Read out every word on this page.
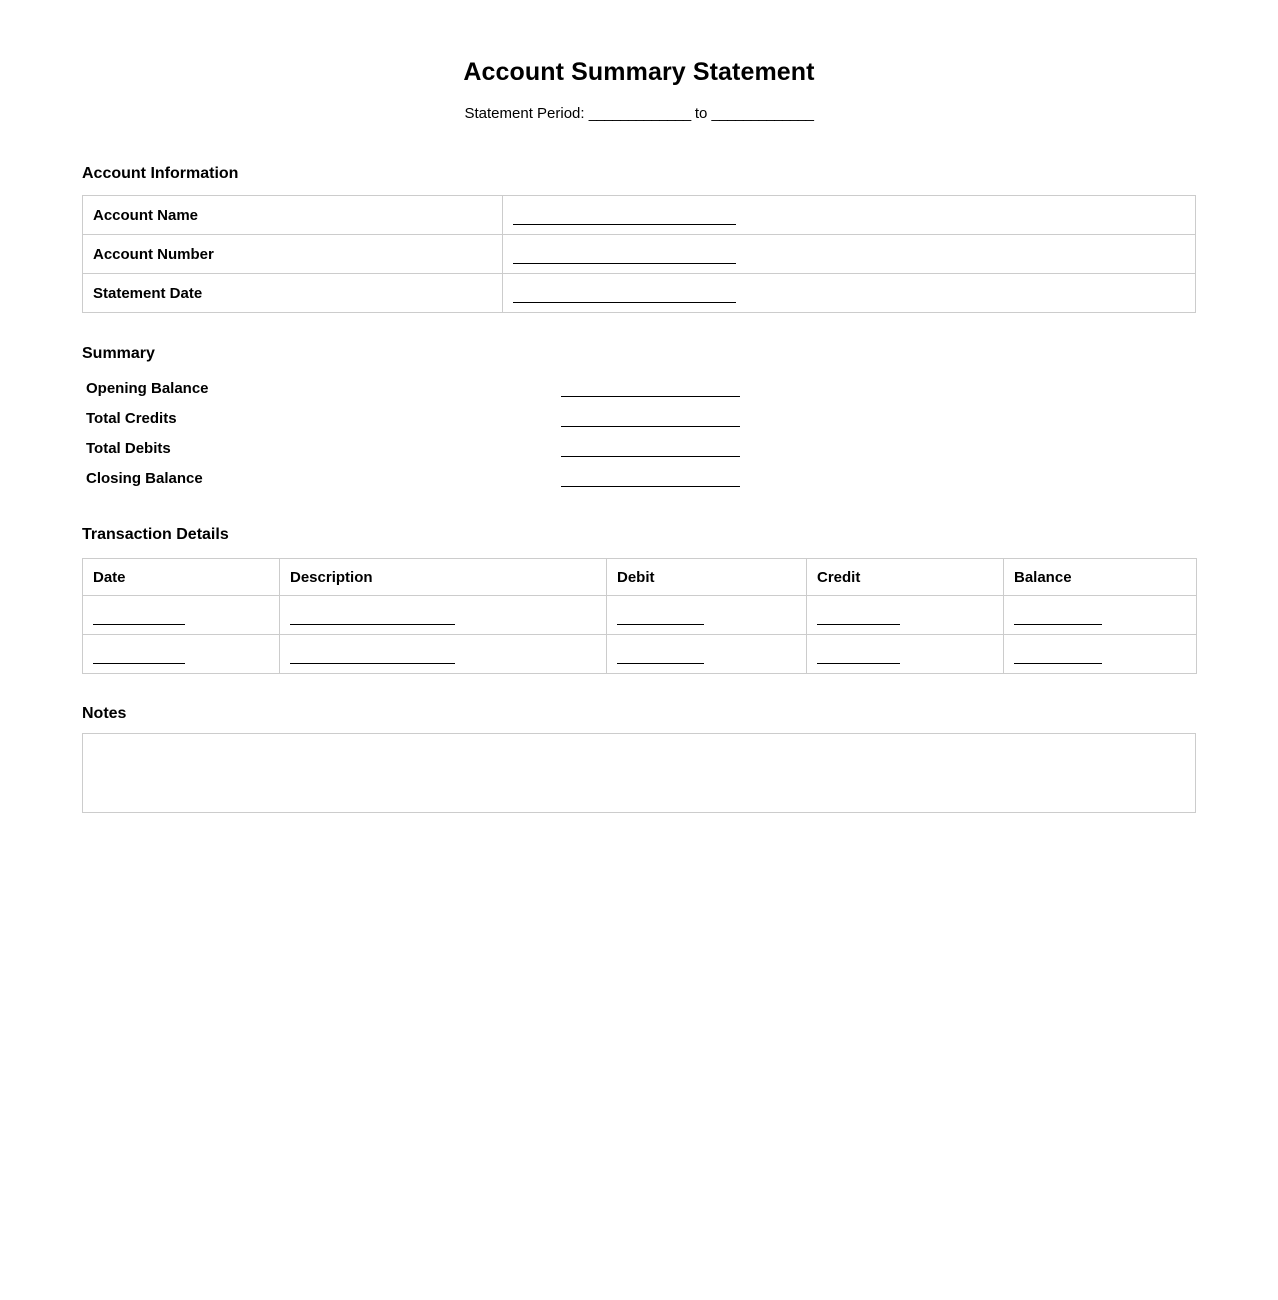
Account Summary Statement

Statement Period: _____________ to _____________

Account Information
Account Name	

Account Number	

Statement Date	
Summary
Opening Balance
Total Credits
Total Debits
Closing Balance
Transaction Details
Date	Description	Debit	Credit	Balance

Notes
